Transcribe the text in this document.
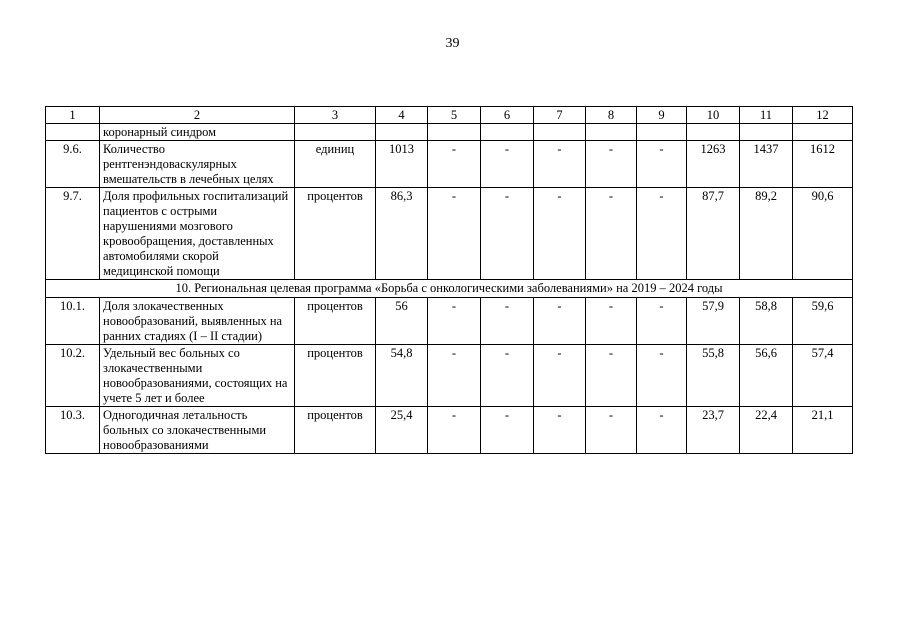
39
1	2	3	4	5	6	7	8	9	10	11	12
	коронарный синдром										
9.6.	Количество рентгенэндоваскулярных вмешательств в лечебных целях	единиц	1013	-	-	-	-	-	1263	1437	1612
9.7.	Доля профильных госпитализаций пациентов с острыми нарушениями мозгового кровообращения, доставленных автомобилями скорой медицинской помощи	процентов	86,3	-	-	-	-	-	87,7	89,2	90,6
10. Региональная целевая программа «Борьба с онкологическими заболеваниями» на 2019 – 2024 годы											
10.1.	Доля злокачественных новообразований, выявленных на ранних стадиях (I – II стадии)	процентов	56	-	-	-	-	-	57,9	58,8	59,6
10.2.	Удельный вес больных со злокачественными новообразованиями, состоящих на учете 5 лет и более	процентов	54,8	-	-	-	-	-	55,8	56,6	57,4
10.3.	Одногодичная летальность больных со злокачественными новообразованиями	процентов	25,4	-	-	-	-	-	23,7	22,4	21,1
